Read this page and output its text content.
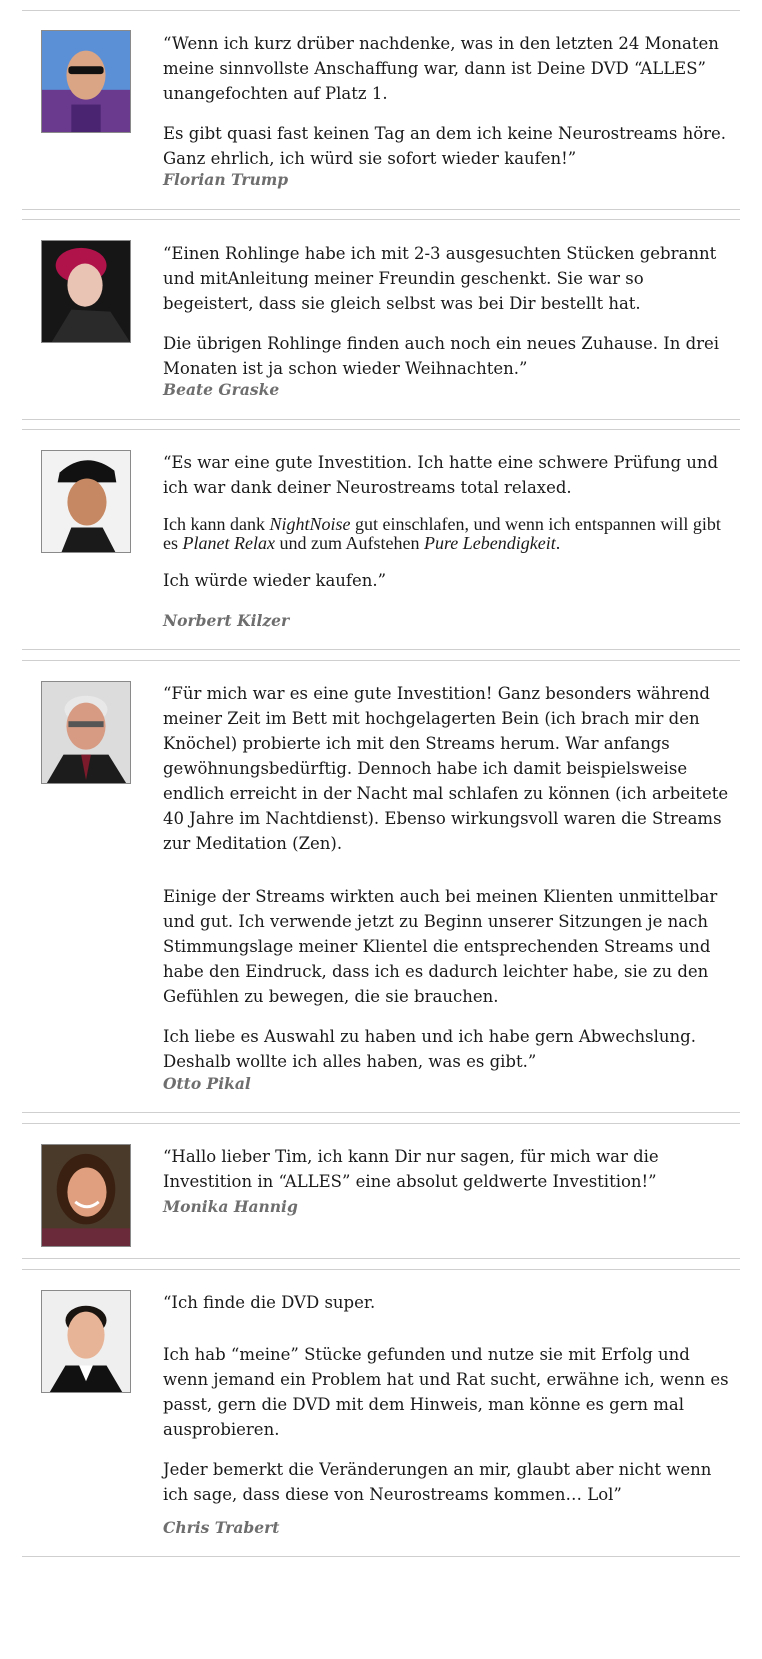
“Wenn ich kurz drüber nachdenke, was in den letzten 24 Monaten meine sinnvollste Anschaffung war, dann ist Deine DVD “ALLES” unangefochten auf Platz 1.

Es gibt quasi fast keinen Tag an dem ich keine Neurostreams höre. Ganz ehrlich, ich würd sie sofort wieder kaufen!”

Florian Trump

“Einen Rohlinge habe ich mit 2-3 ausgesuchten Stücken gebrannt und mitAnleitung meiner Freundin geschenkt. Sie war so begeistert, dass sie gleich selbst was bei Dir bestellt hat.

Die übrigen Rohlinge finden auch noch ein neues Zuhause. In drei Monaten ist ja schon wieder Weihnachten.”

Beate Graske

“Es war eine gute Investition. Ich hatte eine schwere Prüfung und ich war dank deiner Neurostreams total relaxed.

Ich kann dank NightNoise gut einschlafen, und wenn ich entspannen will gibt es Planet Relax und zum Aufstehen Pure Lebendigkeit.

Ich würde wieder kaufen.”

Norbert Kilzer

“Für mich war es eine gute Investition! Ganz besonders während meiner Zeit im Bett mit hochgelagerten Bein (ich brach mir den Knöchel) probierte ich mit den Streams herum. War anfangs gewöhnungsbedürftig. Dennoch habe ich damit beispielsweise endlich erreicht in der Nacht mal schlafen zu können (ich arbeitete 40 Jahre im Nachtdienst). Ebenso wirkungsvoll waren die Streams zur Meditation (Zen).

Einige der Streams wirkten auch bei meinen Klienten unmittelbar und gut. Ich verwende jetzt zu Beginn unserer Sitzungen je nach Stimmungslage meiner Klientel die entsprechenden Streams und habe den Eindruck, dass ich es dadurch leichter habe, sie zu den Gefühlen zu bewegen, die sie brauchen.

Ich liebe es Auswahl zu haben und ich habe gern Abwechslung. Deshalb wollte ich alles haben, was es gibt.”

Otto Pikal

“Hallo lieber Tim, ich kann Dir nur sagen, für mich war die Investition in “ALLES” eine absolut geldwerte Investition!”

Monika Hannig

“Ich finde die DVD super.

Ich hab “meine” Stücke gefunden und nutze sie mit Erfolg und wenn jemand ein Problem hat und Rat sucht, erwähne ich, wenn es passt, gern die DVD mit dem Hinweis, man könne es gern mal ausprobieren.

Jeder bemerkt die Veränderungen an mir, glaubt aber nicht wenn ich sage, dass diese von Neurostreams kommen… Lol”

Chris Trabert
